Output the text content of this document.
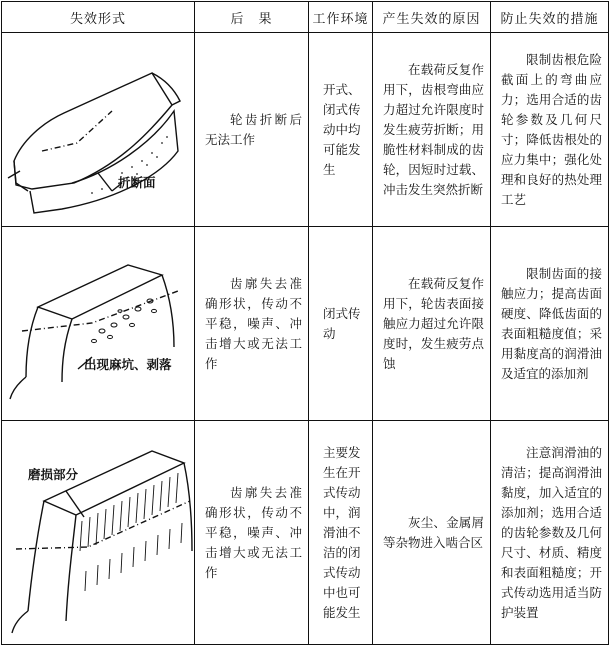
失效形式	后　果	工作环境	产生失效的原因	防止失效的措施

折断面	轮齿折断后无法工作	开式、闭式传动中均可能发生	在载荷反复作用下，齿根弯曲应力超过允许限度时发生疲劳折断；用脆性材料制成的齿轮，因短时过载、冲击发生突然折断	限制齿根危险截面上的弯曲应力；选用合适的齿轮参数及几何尺寸；降低齿根处的应力集中；强化处理和良好的热处理工艺

出现麻坑、剥落	齿廓失去准确形状，传动不平稳，噪声、冲击增大或无法工作	闭式传动	在载荷反复作用下，轮齿表面接触应力超过允许限度时，发生疲劳点蚀	限制齿面的接触应力；提高齿面硬度、降低齿面的表面粗糙度值；采用黏度高的润滑油及适宜的添加剂

磨损部分	齿廓失去准确形状，传动不平稳，噪声、冲击增大或无法工作	主要发生在开式传动中，润滑油不洁的闭式传动中也可能发生	灰尘、金属屑等杂物进入啮合区	注意润滑油的清洁；提高润滑油黏度，加入适宜的添加剂；选用合适的齿轮参数及几何尺寸、材质、精度和表面粗糙度；开式传动选用适当防护装置
